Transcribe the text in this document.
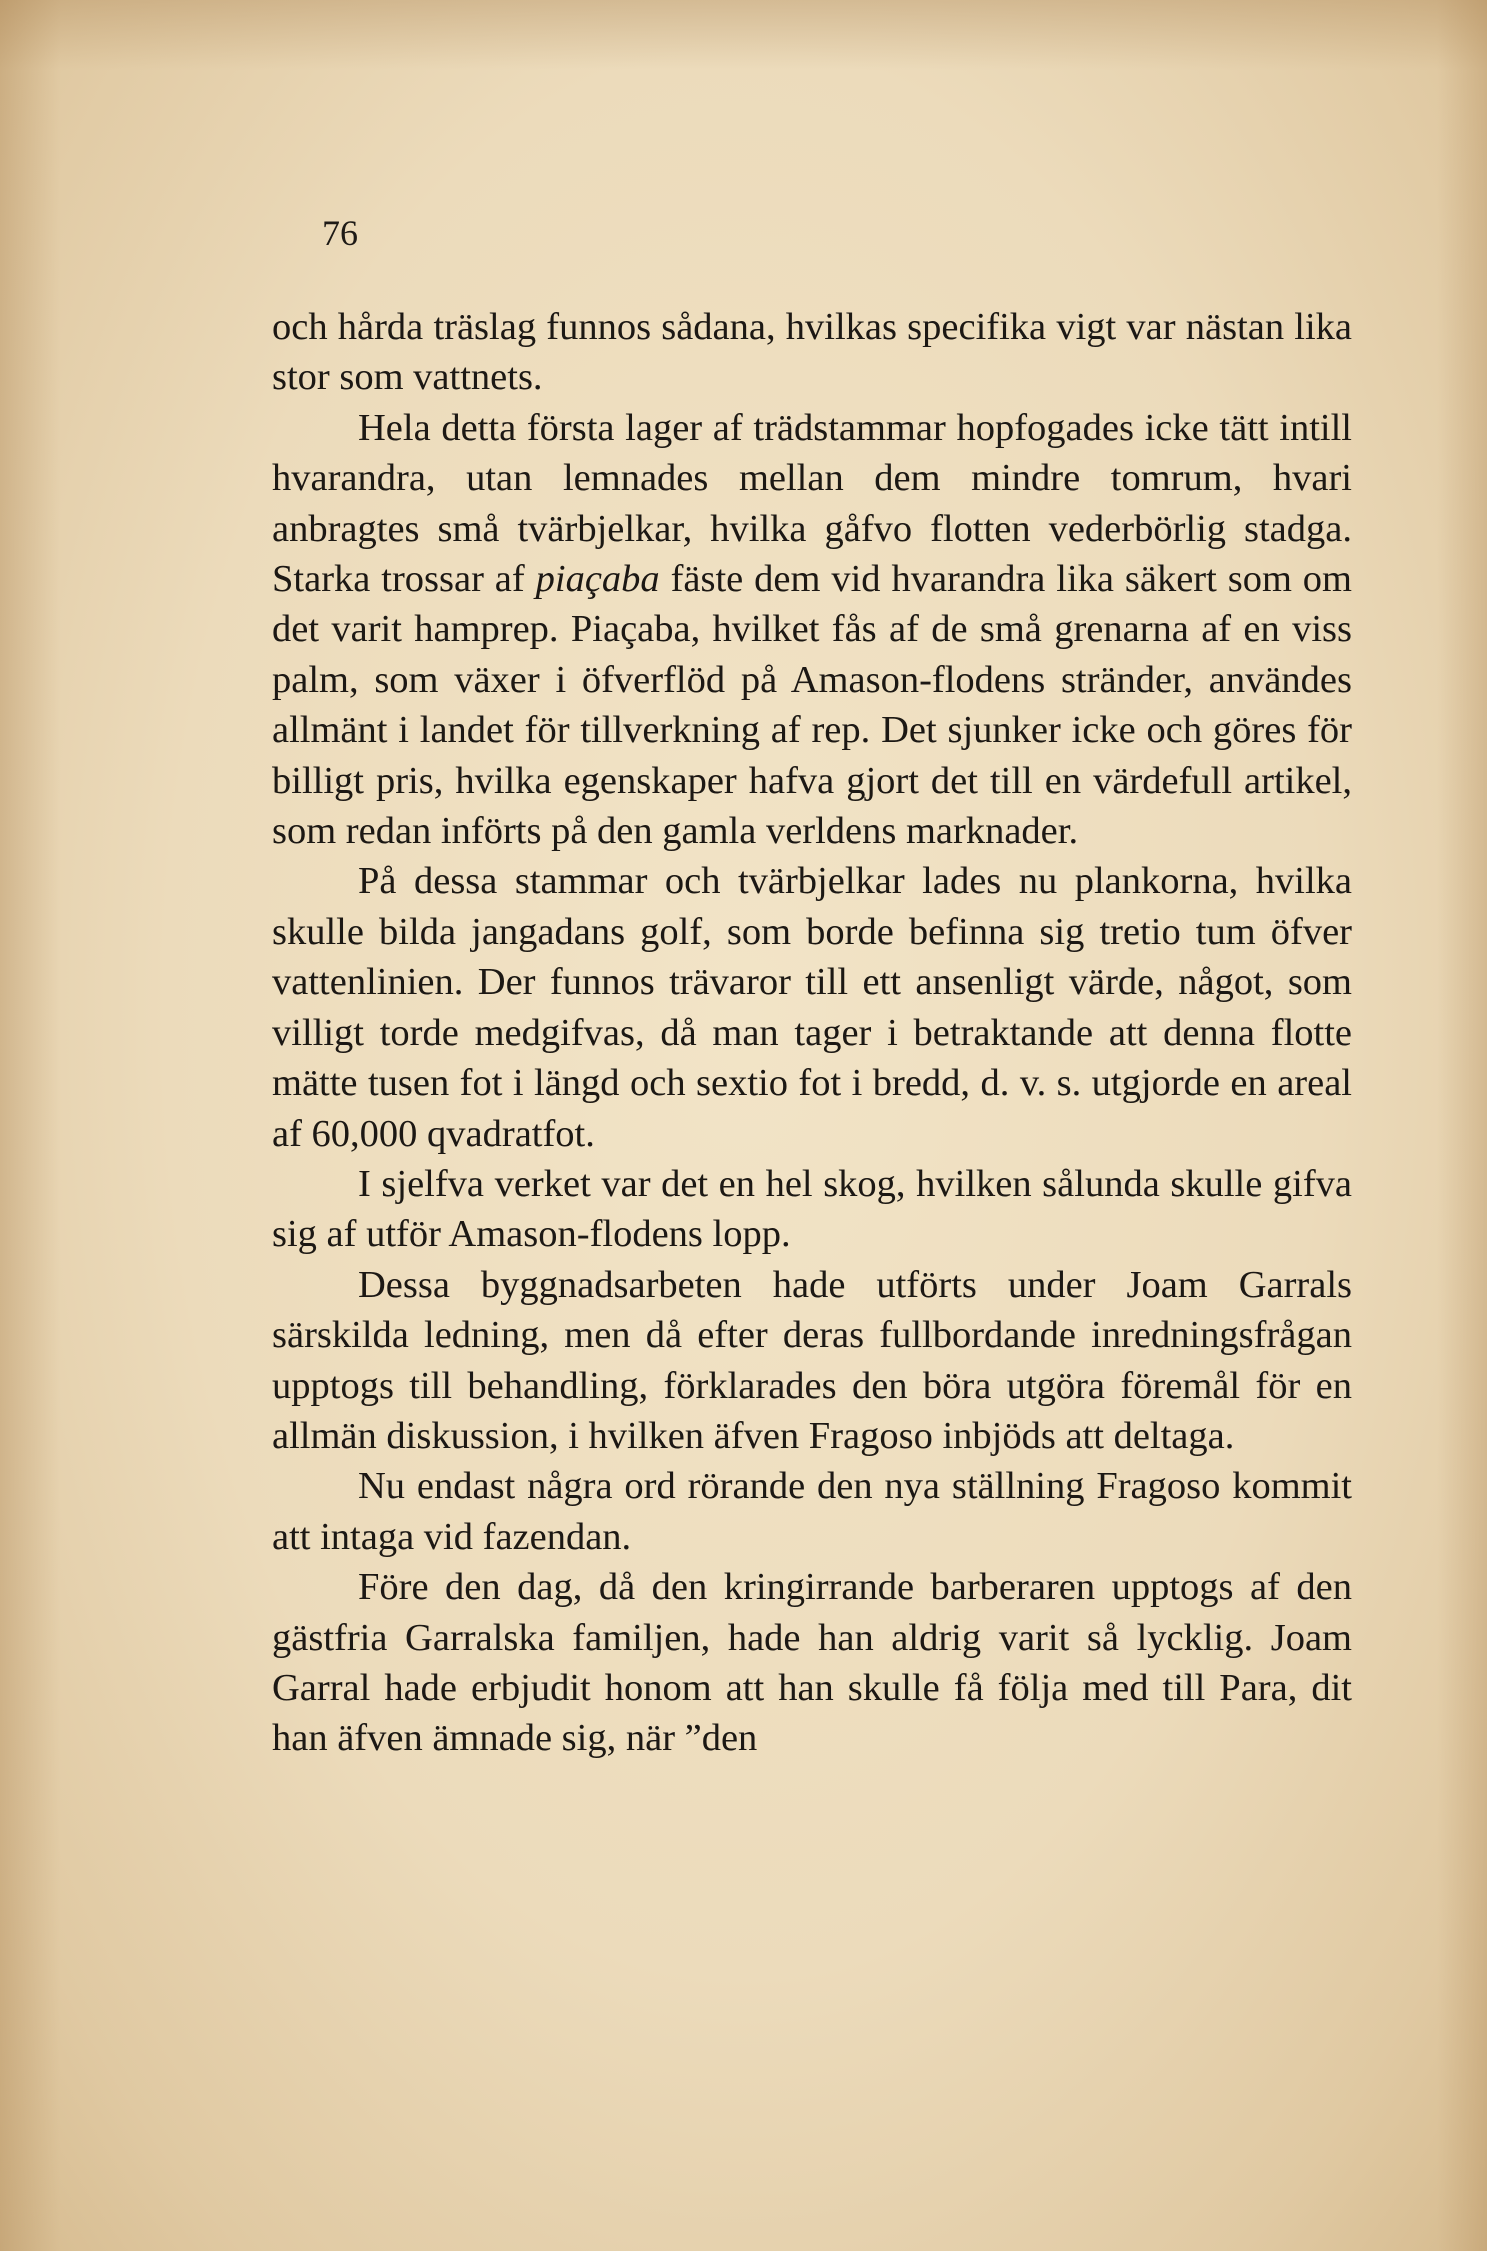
76

och hårda träslag funnos sådana, hvilkas specifika vigt var nästan lika stor som vattnets.

Hela detta första lager af trädstammar hopfogades icke tätt intill hvarandra, utan lemnades mellan dem mindre tomrum, hvari anbragtes små tvärbjelkar, hvilka gåfvo flotten vederbörlig stadga. Starka trossar af piaçaba fäste dem vid hvarandra lika säkert som om det varit hamprep. Piaçaba, hvilket fås af de små grenarna af en viss palm, som växer i öfverflöd på Amason-flodens stränder, användes allmänt i landet för tillverkning af rep. Det sjunker icke och göres för billigt pris, hvilka egenskaper hafva gjort det till en värdefull artikel, som redan införts på den gamla verldens marknader.

På dessa stammar och tvärbjelkar lades nu plankorna, hvilka skulle bilda jangadans golf, som borde befinna sig tretio tum öfver vattenlinien. Der funnos trävaror till ett ansenligt värde, något, som villigt torde medgifvas, då man tager i betraktande att denna flotte mätte tusen fot i längd och sextio fot i bredd, d. v. s. utgjorde en areal af 60,000 qvadratfot.

I sjelfva verket var det en hel skog, hvilken sålunda skulle gifva sig af utför Amason-flodens lopp.

Dessa byggnadsarbeten hade utförts under Joam Garrals särskilda ledning, men då efter deras fullbordande inredningsfrågan upptogs till behandling, förklarades den böra utgöra föremål för en allmän diskussion, i hvilken äfven Fragoso inbjöds att deltaga.

Nu endast några ord rörande den nya ställning Fragoso kommit att intaga vid fazendan.

Före den dag, då den kringirrande barberaren upptogs af den gästfria Garralska familjen, hade han aldrig varit så lycklig. Joam Garral hade erbjudit honom att han skulle få följa med till Para, dit han äfven ämnade sig, när ”den
